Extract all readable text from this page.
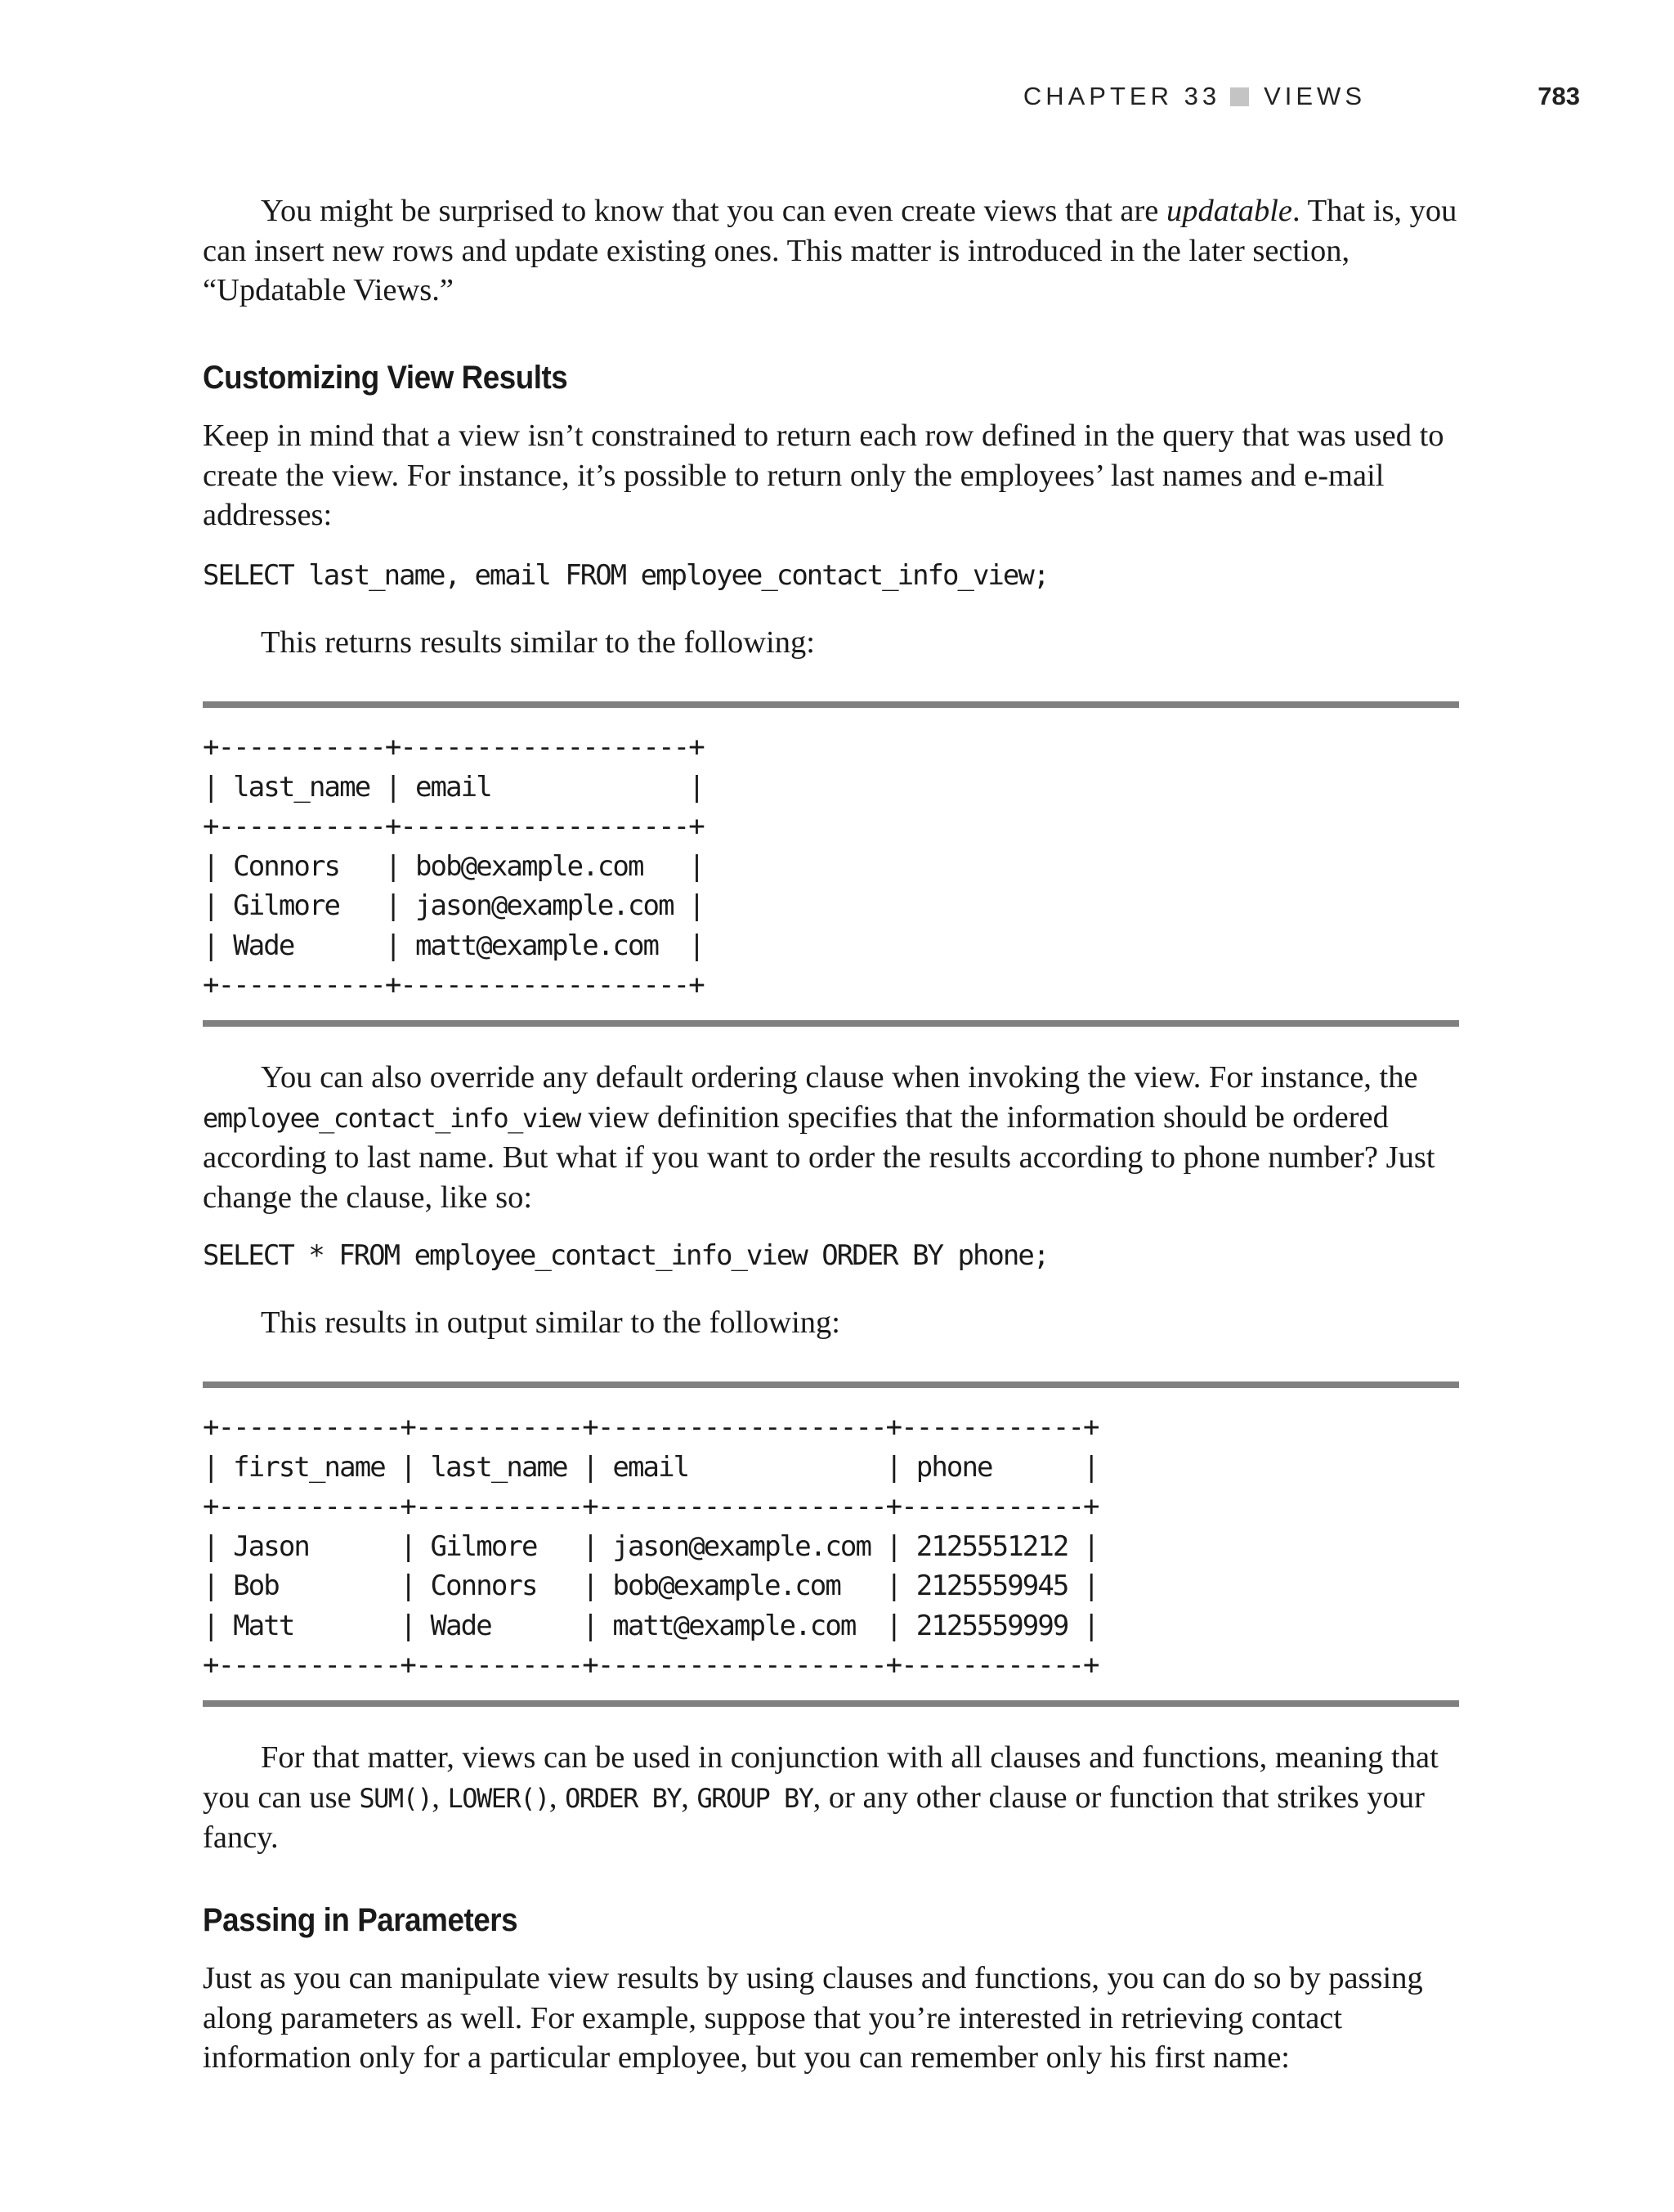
CHAPTER 33 VIEWS	783

You might be surprised to know that you can even create views that are updatable. That is, you can insert new rows and update existing ones. This matter is introduced in the later section, “Updatable Views.”

Customizing View Results

Keep in mind that a view isn’t constrained to return each row defined in the query that was used to create the view. For instance, it’s possible to return only the employees’ last names and e-mail addresses:

SELECT last_name, email FROM employee_contact_info_view;

This returns results similar to the following:

+-----------+-------------------+
| last_name | email             |
+-----------+-------------------+
| Connors   | bob@example.com   |
| Gilmore   | jason@example.com |
| Wade      | matt@example.com  |
+-----------+-------------------+

You can also override any default ordering clause when invoking the view. For instance, the employee_contact_info_view view definition specifies that the information should be ordered according to last name. But what if you want to order the results according to phone number? Just change the clause, like so:

SELECT * FROM employee_contact_info_view ORDER BY phone;

This results in output similar to the following:

+------------+-----------+-------------------+------------+
| first_name | last_name | email             | phone      |
+------------+-----------+-------------------+------------+
| Jason      | Gilmore   | jason@example.com | 2125551212 |
| Bob        | Connors   | bob@example.com   | 2125559945 |
| Matt       | Wade      | matt@example.com  | 2125559999 |
+------------+-----------+-------------------+------------+

For that matter, views can be used in conjunction with all clauses and functions, meaning that you can use SUM(), LOWER(), ORDER BY, GROUP BY, or any other clause or function that strikes your fancy.

Passing in Parameters

Just as you can manipulate view results by using clauses and functions, you can do so by passing along parameters as well. For example, suppose that you’re interested in retrieving contact information only for a particular employee, but you can remember only his first name:
